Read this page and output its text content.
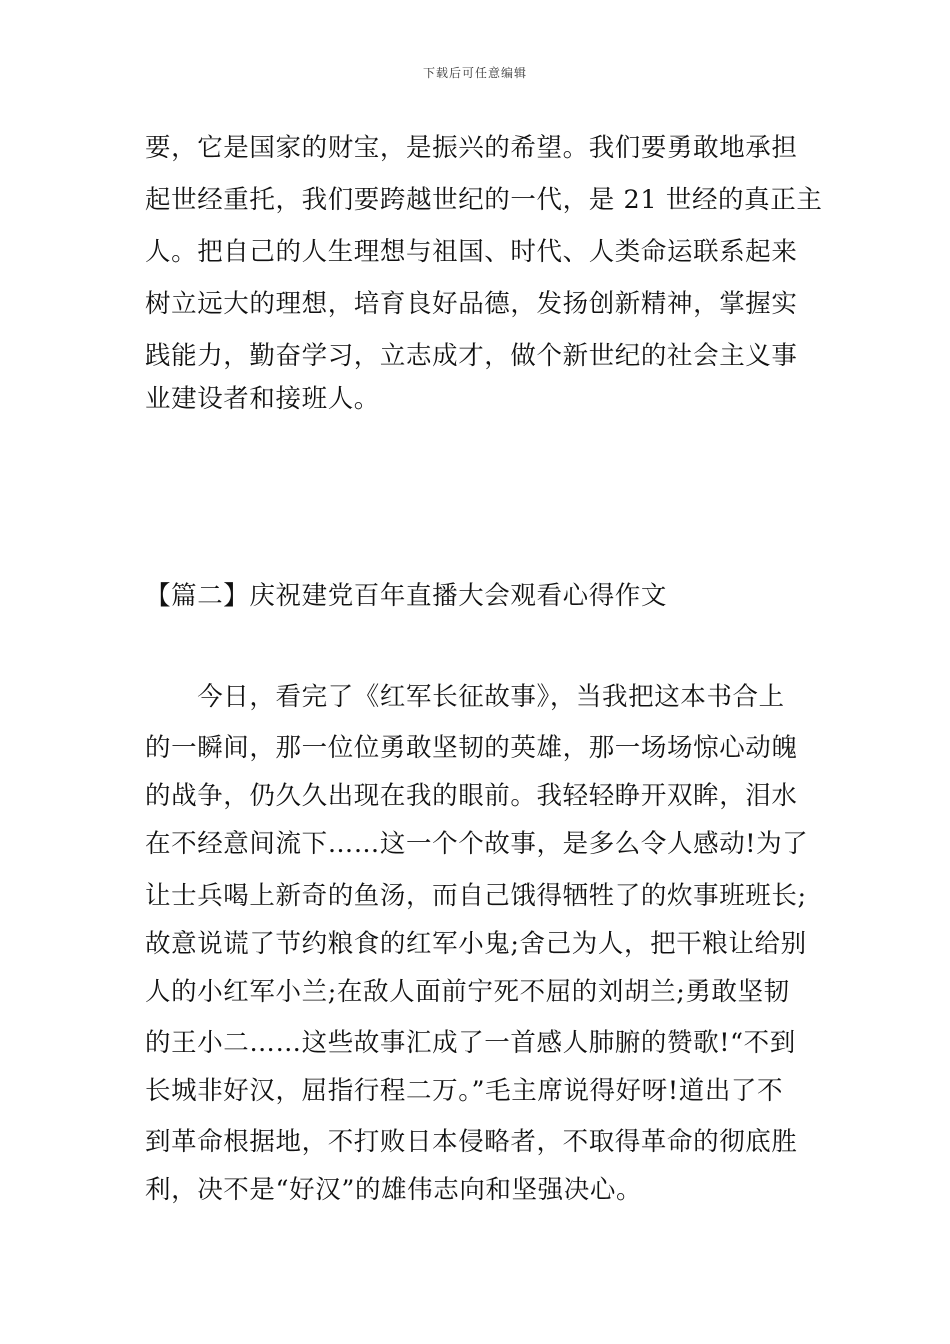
下载后可任意编辑
要，它是国家的财宝，是振兴的希望。我们要勇敢地承担
起世经重托，我们要跨越世纪的一代，是 21 世经的真正主
人。把自己的人生理想与祖国、时代、人类命运联系起来
树立远大的理想，培育良好品德，发扬创新精神，掌握实
践能力，勤奋学习，立志成才，做个新世纪的社会主义事
业建设者和接班人。
【篇二】庆祝建党百年直播大会观看心得作文
　　今日，看完了《红军长征故事》，当我把这本书合上
的一瞬间，那一位位勇敢坚韧的英雄，那一场场惊心动魄
的战争，仍久久出现在我的眼前。我轻轻睁开双眸，泪水
在不经意间流下……这一个个故事，是多么令人感动!为了
让士兵喝上新奇的鱼汤，而自己饿得牺牲了的炊事班班长;
故意说谎了节约粮食的红军小鬼;舍己为人，把干粮让给别
人的小红军小兰;在敌人面前宁死不屈的刘胡兰;勇敢坚韧
的王小二……这些故事汇成了一首感人肺腑的赞歌!“不到
长城非好汉，屈指行程二万。”毛主席说得好呀!道出了不
到革命根据地，不打败日本侵略者，不取得革命的彻底胜
利，决不是“好汉”的雄伟志向和坚强决心。
